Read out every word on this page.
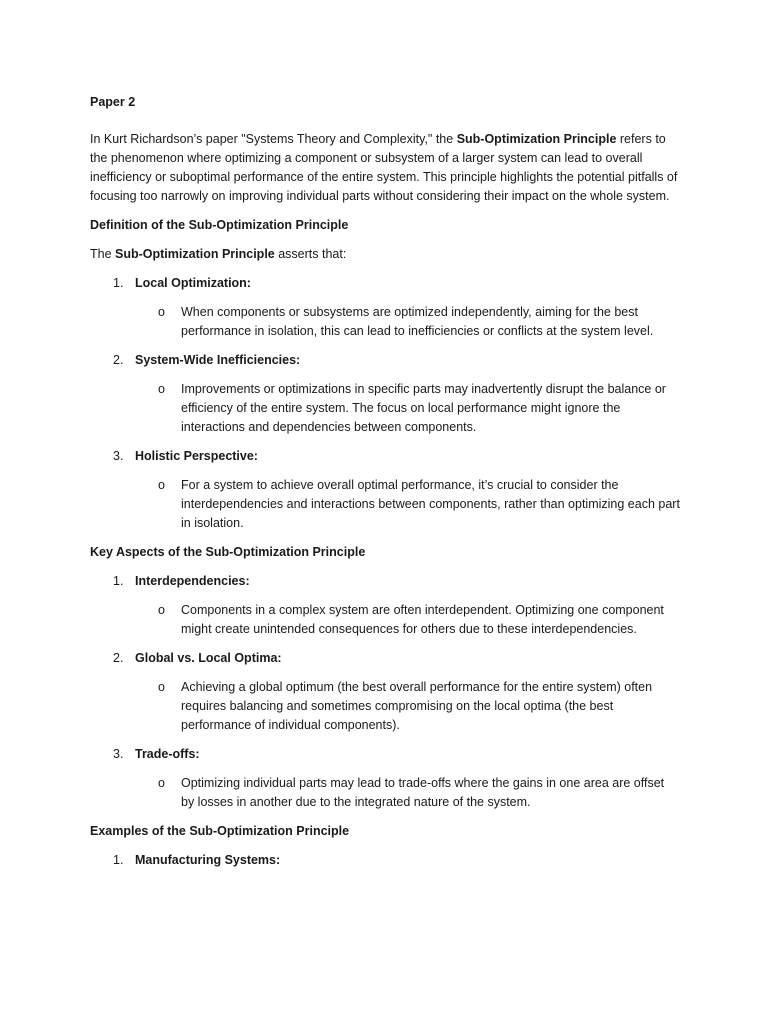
Paper 2

In Kurt Richardson’s paper "Systems Theory and Complexity," the Sub-Optimization Principle refers to the phenomenon where optimizing a component or subsystem of a larger system can lead to overall inefficiency or suboptimal performance of the entire system. This principle highlights the potential pitfalls of focusing too narrowly on improving individual parts without considering their impact on the whole system.

Definition of the Sub-Optimization Principle

The Sub-Optimization Principle asserts that:

1. Local Optimization:
o When components or subsystems are optimized independently, aiming for the best performance in isolation, this can lead to inefficiencies or conflicts at the system level.
2. System-Wide Inefficiencies:
o Improvements or optimizations in specific parts may inadvertently disrupt the balance or efficiency of the entire system. The focus on local performance might ignore the interactions and dependencies between components.
3. Holistic Perspective:
o For a system to achieve overall optimal performance, it’s crucial to consider the interdependencies and interactions between components, rather than optimizing each part in isolation.
Key Aspects of the Sub-Optimization Principle
1. Interdependencies:
o Components in a complex system are often interdependent. Optimizing one component might create unintended consequences for others due to these interdependencies.
2. Global vs. Local Optima:
o Achieving a global optimum (the best overall performance for the entire system) often requires balancing and sometimes compromising on the local optima (the best performance of individual components).
3. Trade-offs:
o Optimizing individual parts may lead to trade-offs where the gains in one area are offset by losses in another due to the integrated nature of the system.
Examples of the Sub-Optimization Principle
1. Manufacturing Systems:
